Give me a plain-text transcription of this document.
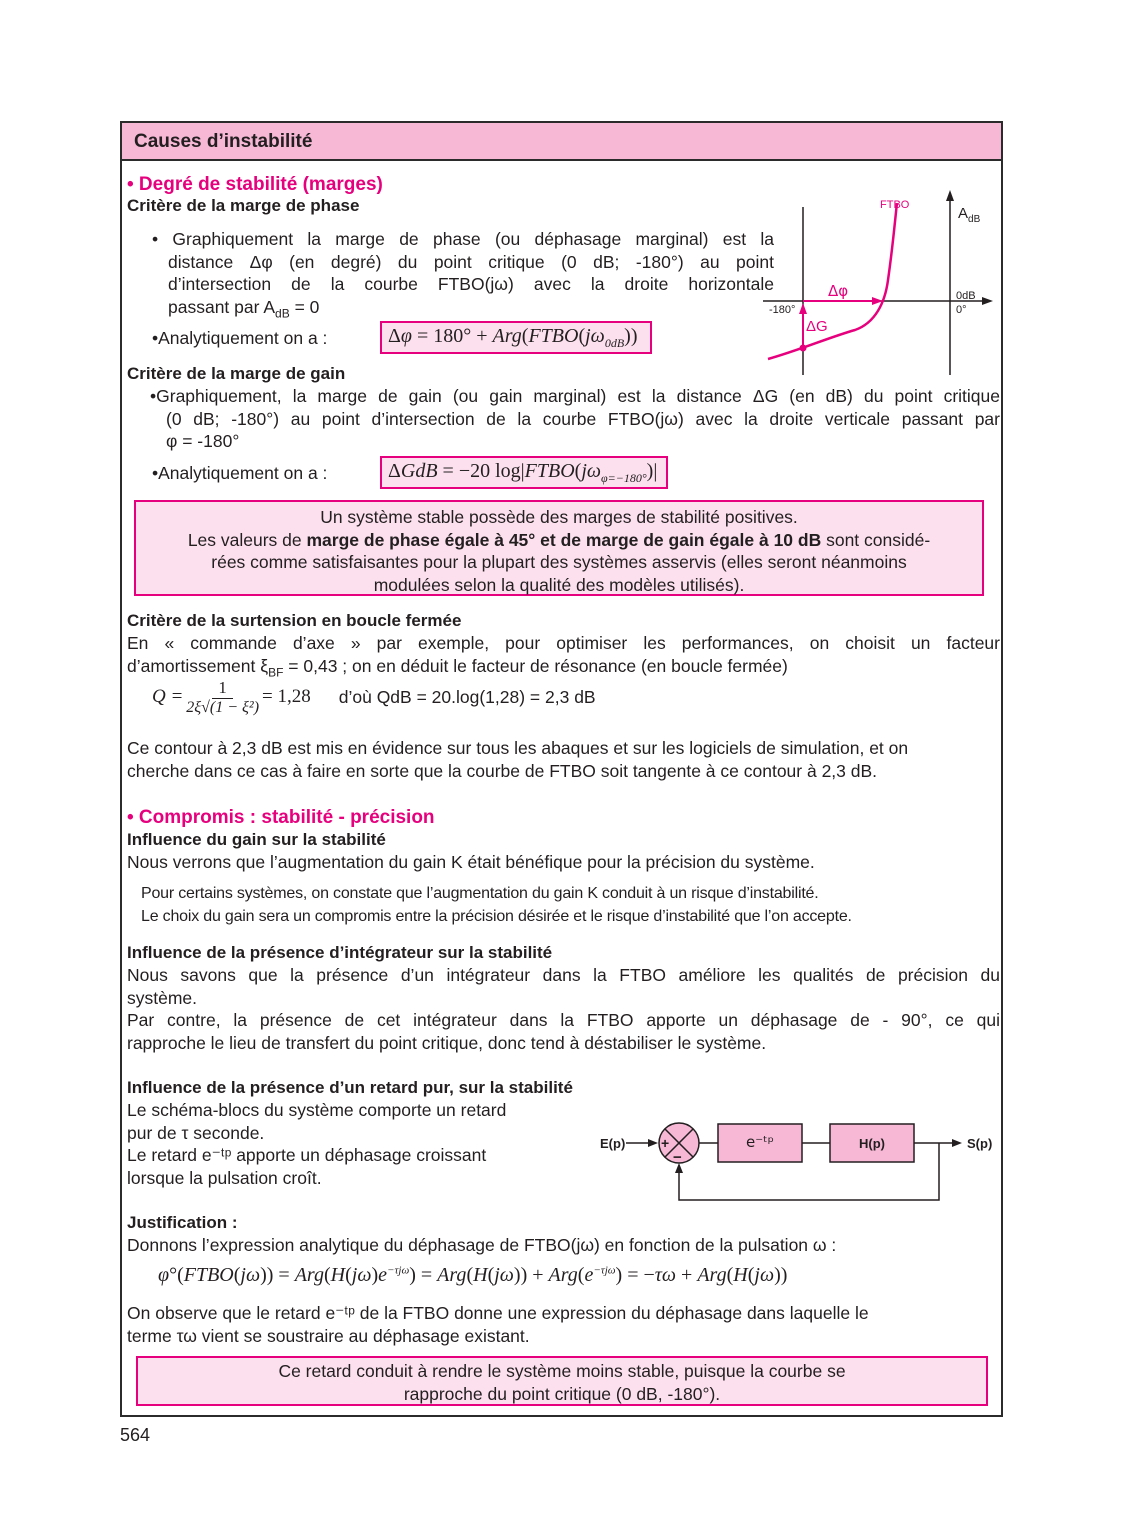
Causes d’instabilité
• Degré de stabilité (marges)
Critère de la marge de phase
• Graphiquement la marge de phase (ou déphasage marginal) est la
distance Δφ (en degré) du point critique (0 dB; -180°) au point
d’intersection de la courbe FTBO(jω) avec la droite horizontale
passant par $A_{dB} = 0$
•Analytiquement on a :	$\Delta\varphi = 180^\circ + Arg(FTBO(j\omega_{0dB}))$
FTBO	$A_{dB}$
0dB
0°
-180°
Δφ
ΔG
Critère de la marge de gain
•Graphiquement, la marge de gain (ou gain marginal) est la distance ΔG (en dB) du point critique
(0 dB; -180°) au point d’intersection de la courbe FTBO(jω) avec la droite verticale passant par
φ = -180°
•Analytiquement on a :	ΔGdB = −20 $\log|FTBO(j\omega_{\varphi=-180^\circ})|$
Un système stable possède des marges de stabilité positives.
Les valeurs de marge de phase égale à 45° et de marge de gain égale à 10 dB sont considé-
rées comme satisfaisantes pour la plupart des systèmes asservis (elles seront néanmoins
modulées selon la qualité des modèles utilisés).
Critère de la surtension en boucle fermée
En « commande d’axe » par exemple, pour optimiser les performances, on choisit un facteur
d’amortissement $\xi_{BF} = 0,43$ ; on en déduit le facteur de résonance (en boucle fermée)
$Q = \frac{1}{\text{2ξ√(1 − ξ²)}} = 1,28$ d’où QdB = 20.log(1,28) = 2,3 dB
Ce contour à 2,3 dB est mis en évidence sur tous les abaques et sur les logiciels de simulation, et on
cherche dans ce cas à faire en sorte que la courbe de FTBO soit tangente à ce contour à 2,3 dB.
• Compromis : stabilité - précision
Influence du gain sur la stabilité
Nous verrons que l’augmentation du gain K était bénéfique pour la précision du système.
Pour certains systèmes, on constate que l’augmentation du gain K conduit à un risque d’instabilité.
Le choix du gain sera un compromis entre la précision désirée et le risque d’instabilité que l’on accepte.
Influence de la présence d’intégrateur sur la stabilité
Nous savons que la présence d’un intégrateur dans la FTBO améliore les qualités de précision du
système.
Par contre, la présence de cet intégrateur dans la FTBO apporte un déphasage de - 90°, ce qui
rapproche le lieu de transfert du point critique, donc tend à déstabiliser le système.
Influence de la présence d’un retard pur, sur la stabilité
Le schéma-blocs du système comporte un retard
pur de τ seconde.
Le retard e⁻ᵗᵖ apporte un déphasage croissant
lorsque la pulsation croît.
E(p)	+
−
e⁻ᵗᵖ	H(p)	S(p)
Justification :
Donnons l’expression analytique du déphasage de FTBO(jω) en fonction de la pulsation ω :
φ°(FTBO(jω)) = $Arg(H(j\omega)e^{-\tau j\omega}) = Arg(H(j\omega)) + Arg(e^{-\tau j\omega}) = -\tau\omega + Arg(H(j\omega))$
On observe que le retard e⁻ᵗᵖ de la FTBO donne une expression du déphasage dans laquelle le
terme τω vient se soustraire au déphasage existant.
Ce retard conduit à rendre le système moins stable, puisque la courbe se
rapproche du point critique (0 dB, -180°).
564
